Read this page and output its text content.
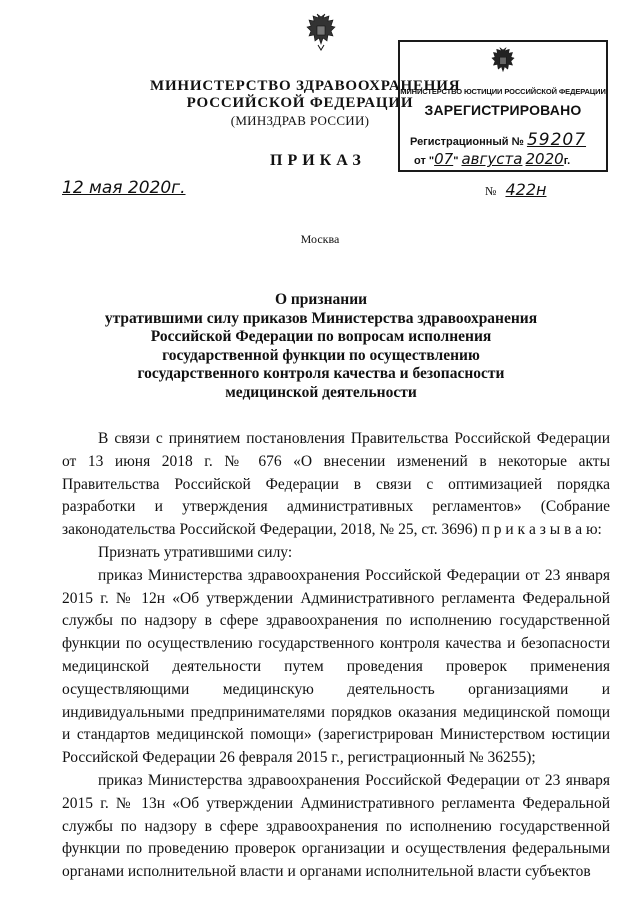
МИНИСТЕРСТВО ЗДРАВООХРАНЕНИЯ
РОССИЙСКОЙ ФЕДЕРАЦИИ
(МИНЗДРАВ РОССИИ)
МИНИСТЕРСТВО ЮСТИЦИИ РОССИЙСКОЙ ФЕДЕРАЦИИ
ЗАРЕГИСТРИРОВАНО
Регистрационный № 59207
от "07" августа 2020г.
ПРИКАЗ
12 мая 2020г.	№ 422н
Москва
О признании
утратившими силу приказов Министерства здравоохранения
Российской Федерации по вопросам исполнения
государственной функции по осуществлению
государственного контроля качества и безопасности
медицинской деятельности

В связи с принятием постановления Правительства Российской Федерации от 13 июня 2018 г. № 676 «О внесении изменений в некоторые акты Правительства Российской Федерации в связи с оптимизацией порядка разработки и утверждения административных регламентов» (Собрание законодательства Российской Федерации, 2018, № 25, ст. 3696) п р и к а з ы в а ю:

Признать утратившими силу:

приказ Министерства здравоохранения Российской Федерации от 23 января 2015 г. № 12н «Об утверждении Административного регламента Федеральной службы по надзору в сфере здравоохранения по исполнению государственной функции по осуществлению государственного контроля качества и безопасности медицинской деятельности путем проведения проверок применения осуществляющими медицинскую деятельность организациями и индивидуальными предпринимателями порядков оказания медицинской помощи и стандартов медицинской помощи» (зарегистрирован Министерством юстиции Российской Федерации 26 февраля 2015 г., регистрационный № 36255);

приказ Министерства здравоохранения Российской Федерации от 23 января 2015 г. № 13н «Об утверждении Административного регламента Федеральной службы по надзору в сфере здравоохранения по исполнению государственной функции по проведению проверок организации и осуществления федеральными органами исполнительной власти и органами исполнительной власти субъектов
